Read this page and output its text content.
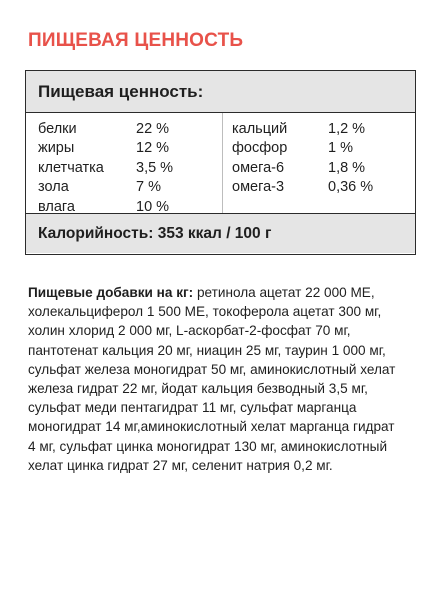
ПИЩЕВАЯ ЦЕННОСТЬ
Пищевая ценность:
белки	22 %
жиры	12 %
клетчатка	3,5 %
зола	7 %
влага	10 %
кальций	1,2 %
фосфор	1 %
омега-6	1,8 %
омега-3	0,36 %
Калорийность: 353 ккал / 100 г
Пищевые добавки на кг: ретинола ацетат 22 000 МЕ, холекальциферол 1 500 МЕ, токоферола ацетат 300 мг, холин хлорид 2 000 мг, L-аскорбат-2-фосфат 70 мг, пантотенат кальция 20 мг, ниацин 25 мг, таурин 1 000 мг, сульфат железа моногидрат 50 мг, аминокислотный хелат железа гидрат 22 мг, йодат кальция безводный 3,5 мг, сульфат меди пентагидрат 11 мг, сульфат марганца моногидрат 14 мг,аминокислотный хелат марганца гидрат 4 мг, сульфат цинка моногидрат 130 мг, аминокислотный хелат цинка гидрат 27 мг, селенит натрия 0,2 мг.
